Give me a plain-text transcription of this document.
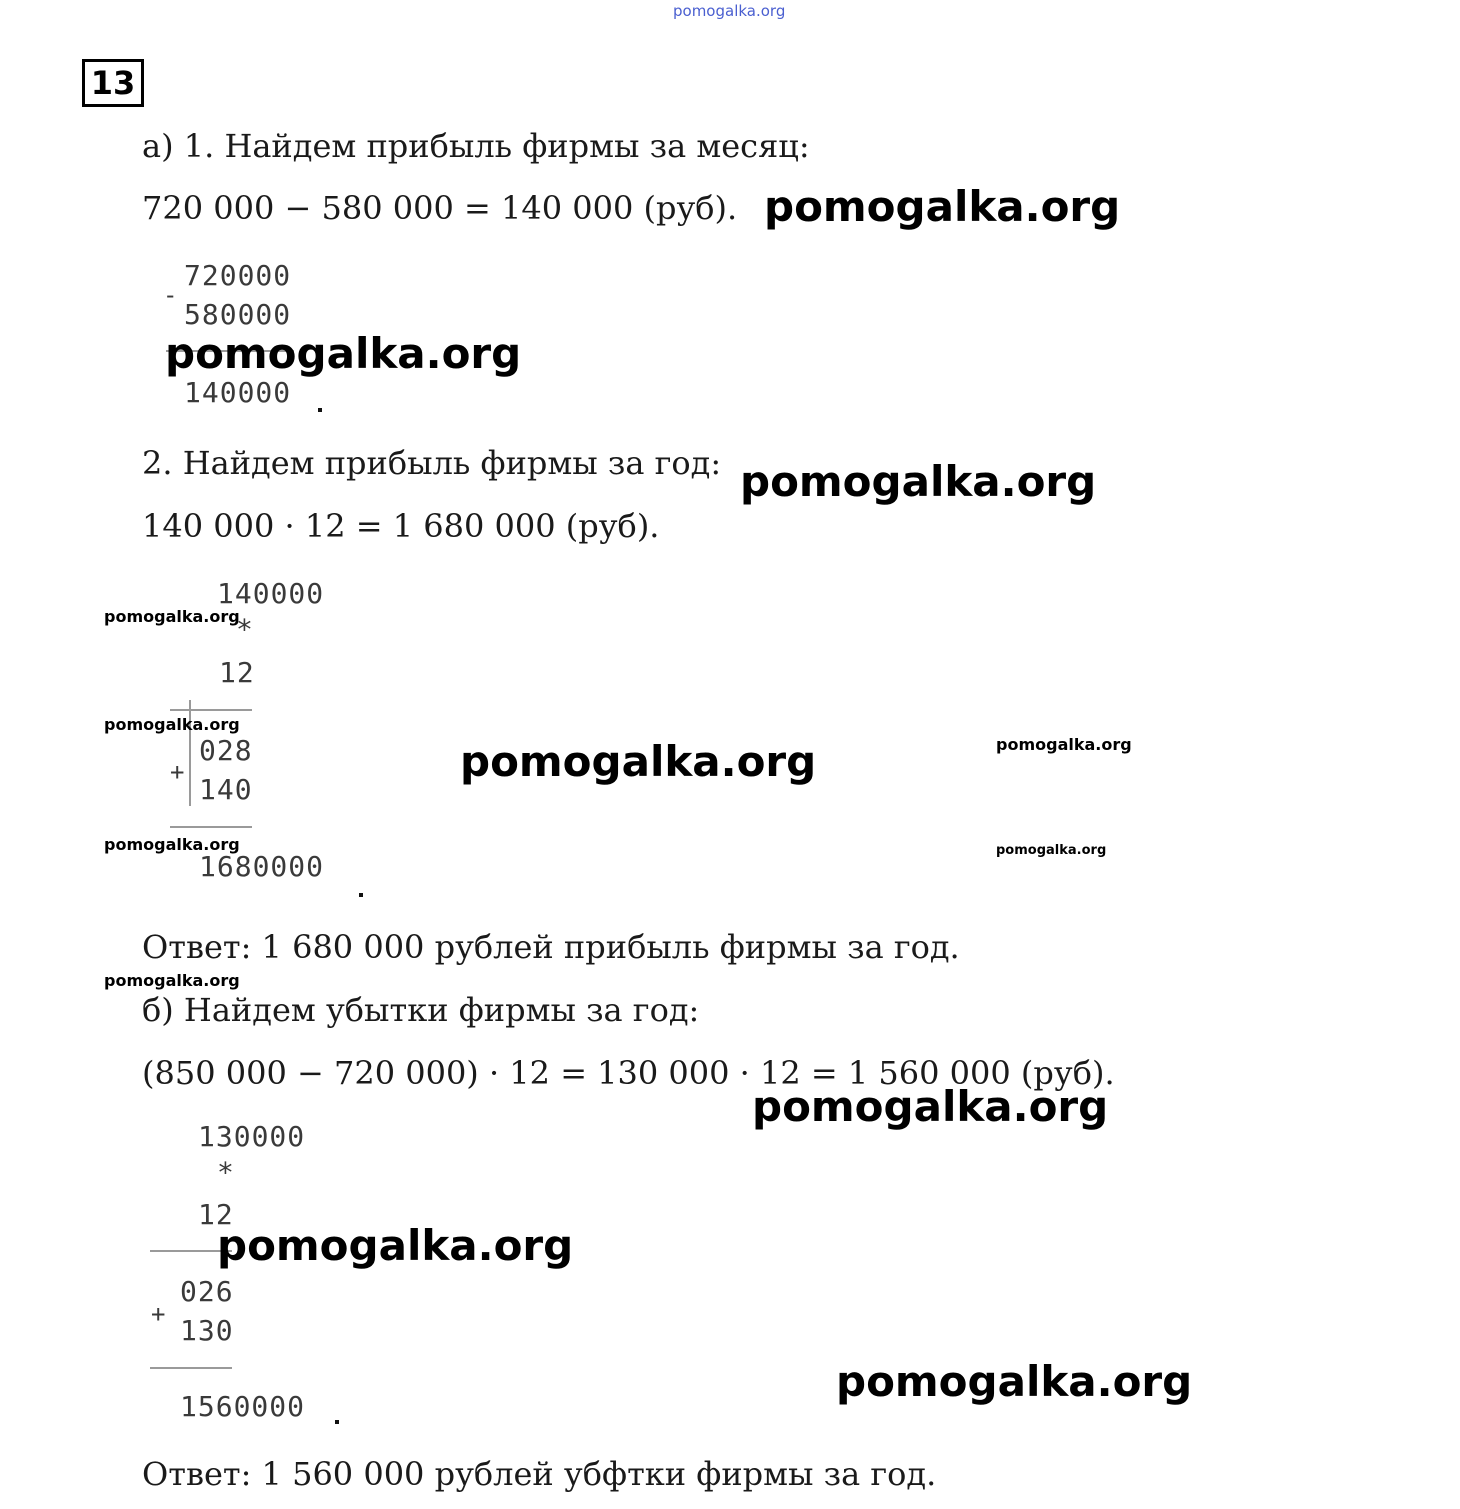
pomogalka.org
13
а) 1. Найдем прибыль фирмы за месяц:
720 000 − 580 000 = 140 000 (руб). pomogalka.org
-
720000
580000
140000
pomogalka.org
2. Найдем прибыль фирмы за год: pomogalka.org
140 000 · 12 = 1 680 000 (руб).
140000
*
12
+
028
140
1680000
pomogalka.org
pomogalka.org
pomogalka.org
pomogalka.org	pomogalka.org
pomogalka.org
Ответ: 1 680 000 рублей прибыль фирмы за год.
pomogalka.org
б) Найдем убытки фирмы за год:
(850 000 − 720 000) · 12 = 130 000 · 12 = 1 560 000 (руб).
pomogalka.org
130000
*
12
+
026
130
1560000
pomogalka.org
pomogalka.org
Ответ: 1 560 000 рублей убфтки фирмы за год.
